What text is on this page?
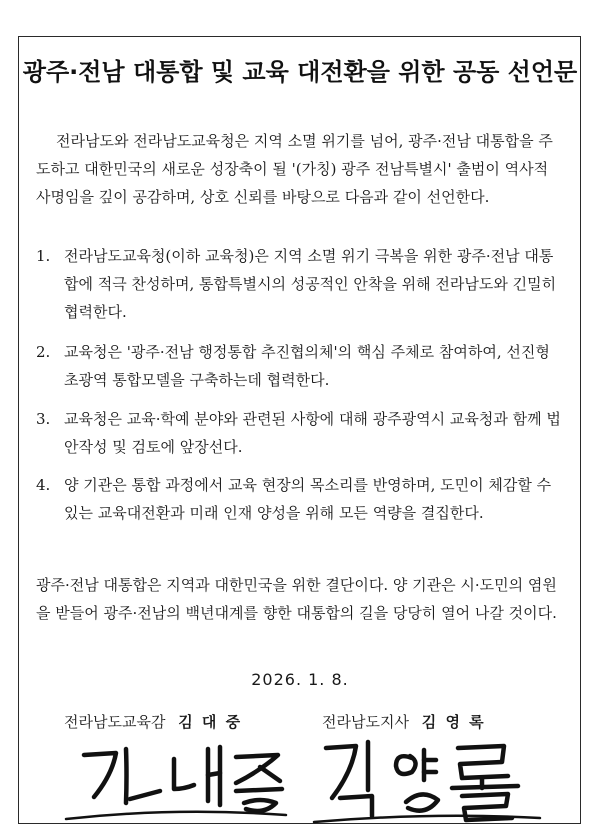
광주·전남 대통합 및 교육 대전환을 위한 공동 선언문

전라남도와 전라남도교육청은 지역 소멸 위기를 넘어, 광주·전남 대통합을 주도하고 대한민국의 새로운 성장축이 될 '(가칭) 광주 전남특별시' 출범이 역사적 사명임을 깊이 공감하며, 상호 신뢰를 바탕으로 다음과 같이 선언한다.

1. 전라남도교육청(이하 교육청)은 지역 소멸 위기 극복을 위한 광주·전남 대통합에 적극 찬성하며, 통합특별시의 성공적인 안착을 위해 전라남도와 긴밀히 협력한다.
2. 교육청은 '광주·전남 행정통합 추진협의체'의 핵심 주체로 참여하여, 선진형 초광역 통합모델을 구축하는데 협력한다.
3. 교육청은 교육·학예 분야와 관련된 사항에 대해 광주광역시 교육청과 함께 법안작성 및 검토에 앞장선다.
4. 양 기관은 통합 과정에서 교육 현장의 목소리를 반영하며, 도민이 체감할 수 있는 교육대전환과 미래 인재 양성을 위해 모든 역량을 결집한다.

광주·전남 대통합은 지역과 대한민국을 위한 결단이다. 양 기관은 시·도민의 염원을 받들어 광주·전남의 백년대계를 향한 대통합의 길을 당당히 열어 나갈 것이다.

2026. 1. 8.
전라남도교육감 김 대 중	전라남도지사 김 영 록
